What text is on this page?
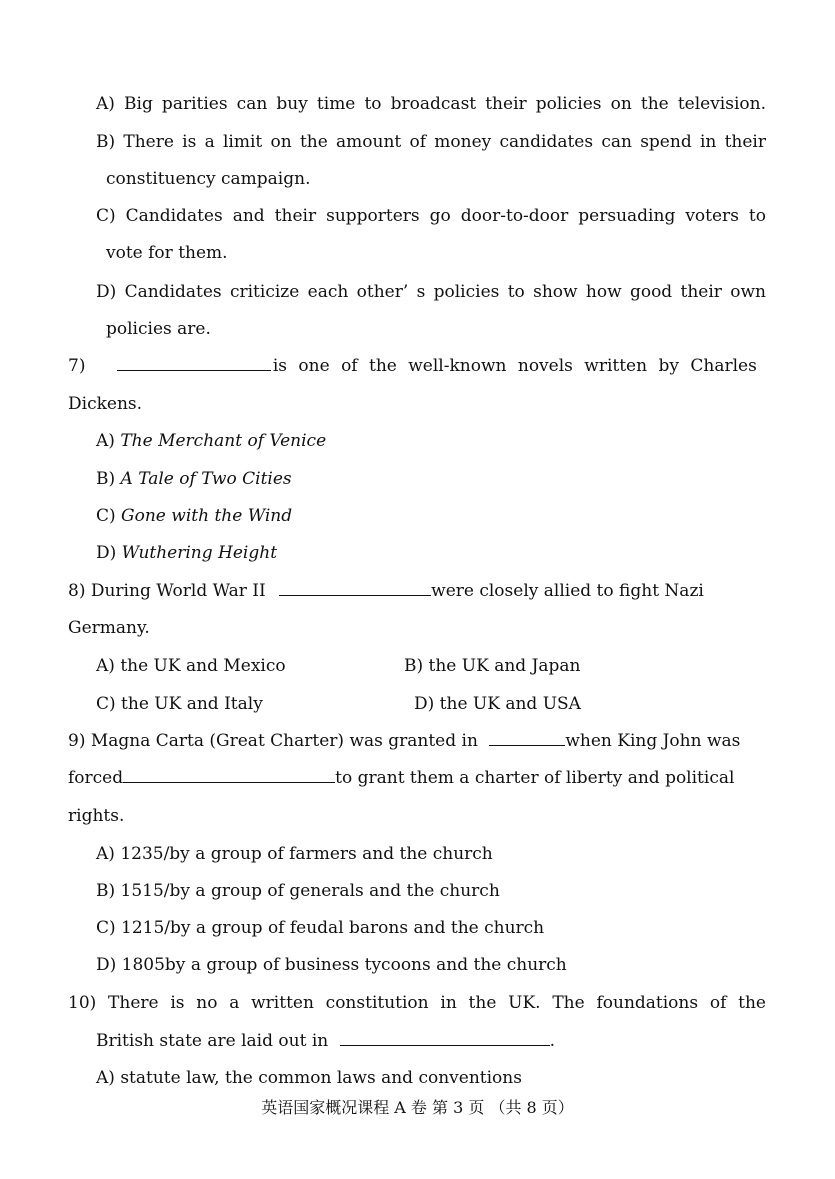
A) Big parities can buy time to broadcast their policies on the television.
B) There is a limit on the amount of money candidates can spend in their
constituency campaign.
C) Candidates and their supporters go door-to-door persuading voters to
vote for them.
D) Candidates criticize each other’ s policies to show how good their own
policies are.
7)	is one of the well-known novels written by Charles
Dickens.
A) The Merchant of Venice
B) A Tale of Two Cities
C) Gone with the Wind
D) Wuthering Height
8) During World War II	were closely allied to fight Nazi
Germany.
A) the UK and Mexico	B) the UK and Japan
C) the UK and Italy	D) the UK and USA
9) Magna Carta (Great Charter) was granted in	when King John was
forced	to grant them a charter of liberty and political
rights.
A) 1235/by a group of farmers and the church
B) 1515/by a group of generals and the church
C) 1215/by a group of feudal barons and the church
D) 1805by a group of business tycoons and the church
10) There is no a written constitution in the UK. The foundations of the
British state are laid out in	.
A) statute law, the common laws and conventions
英语国家概况课程 A 卷 第 3 页 （共 8 页）
